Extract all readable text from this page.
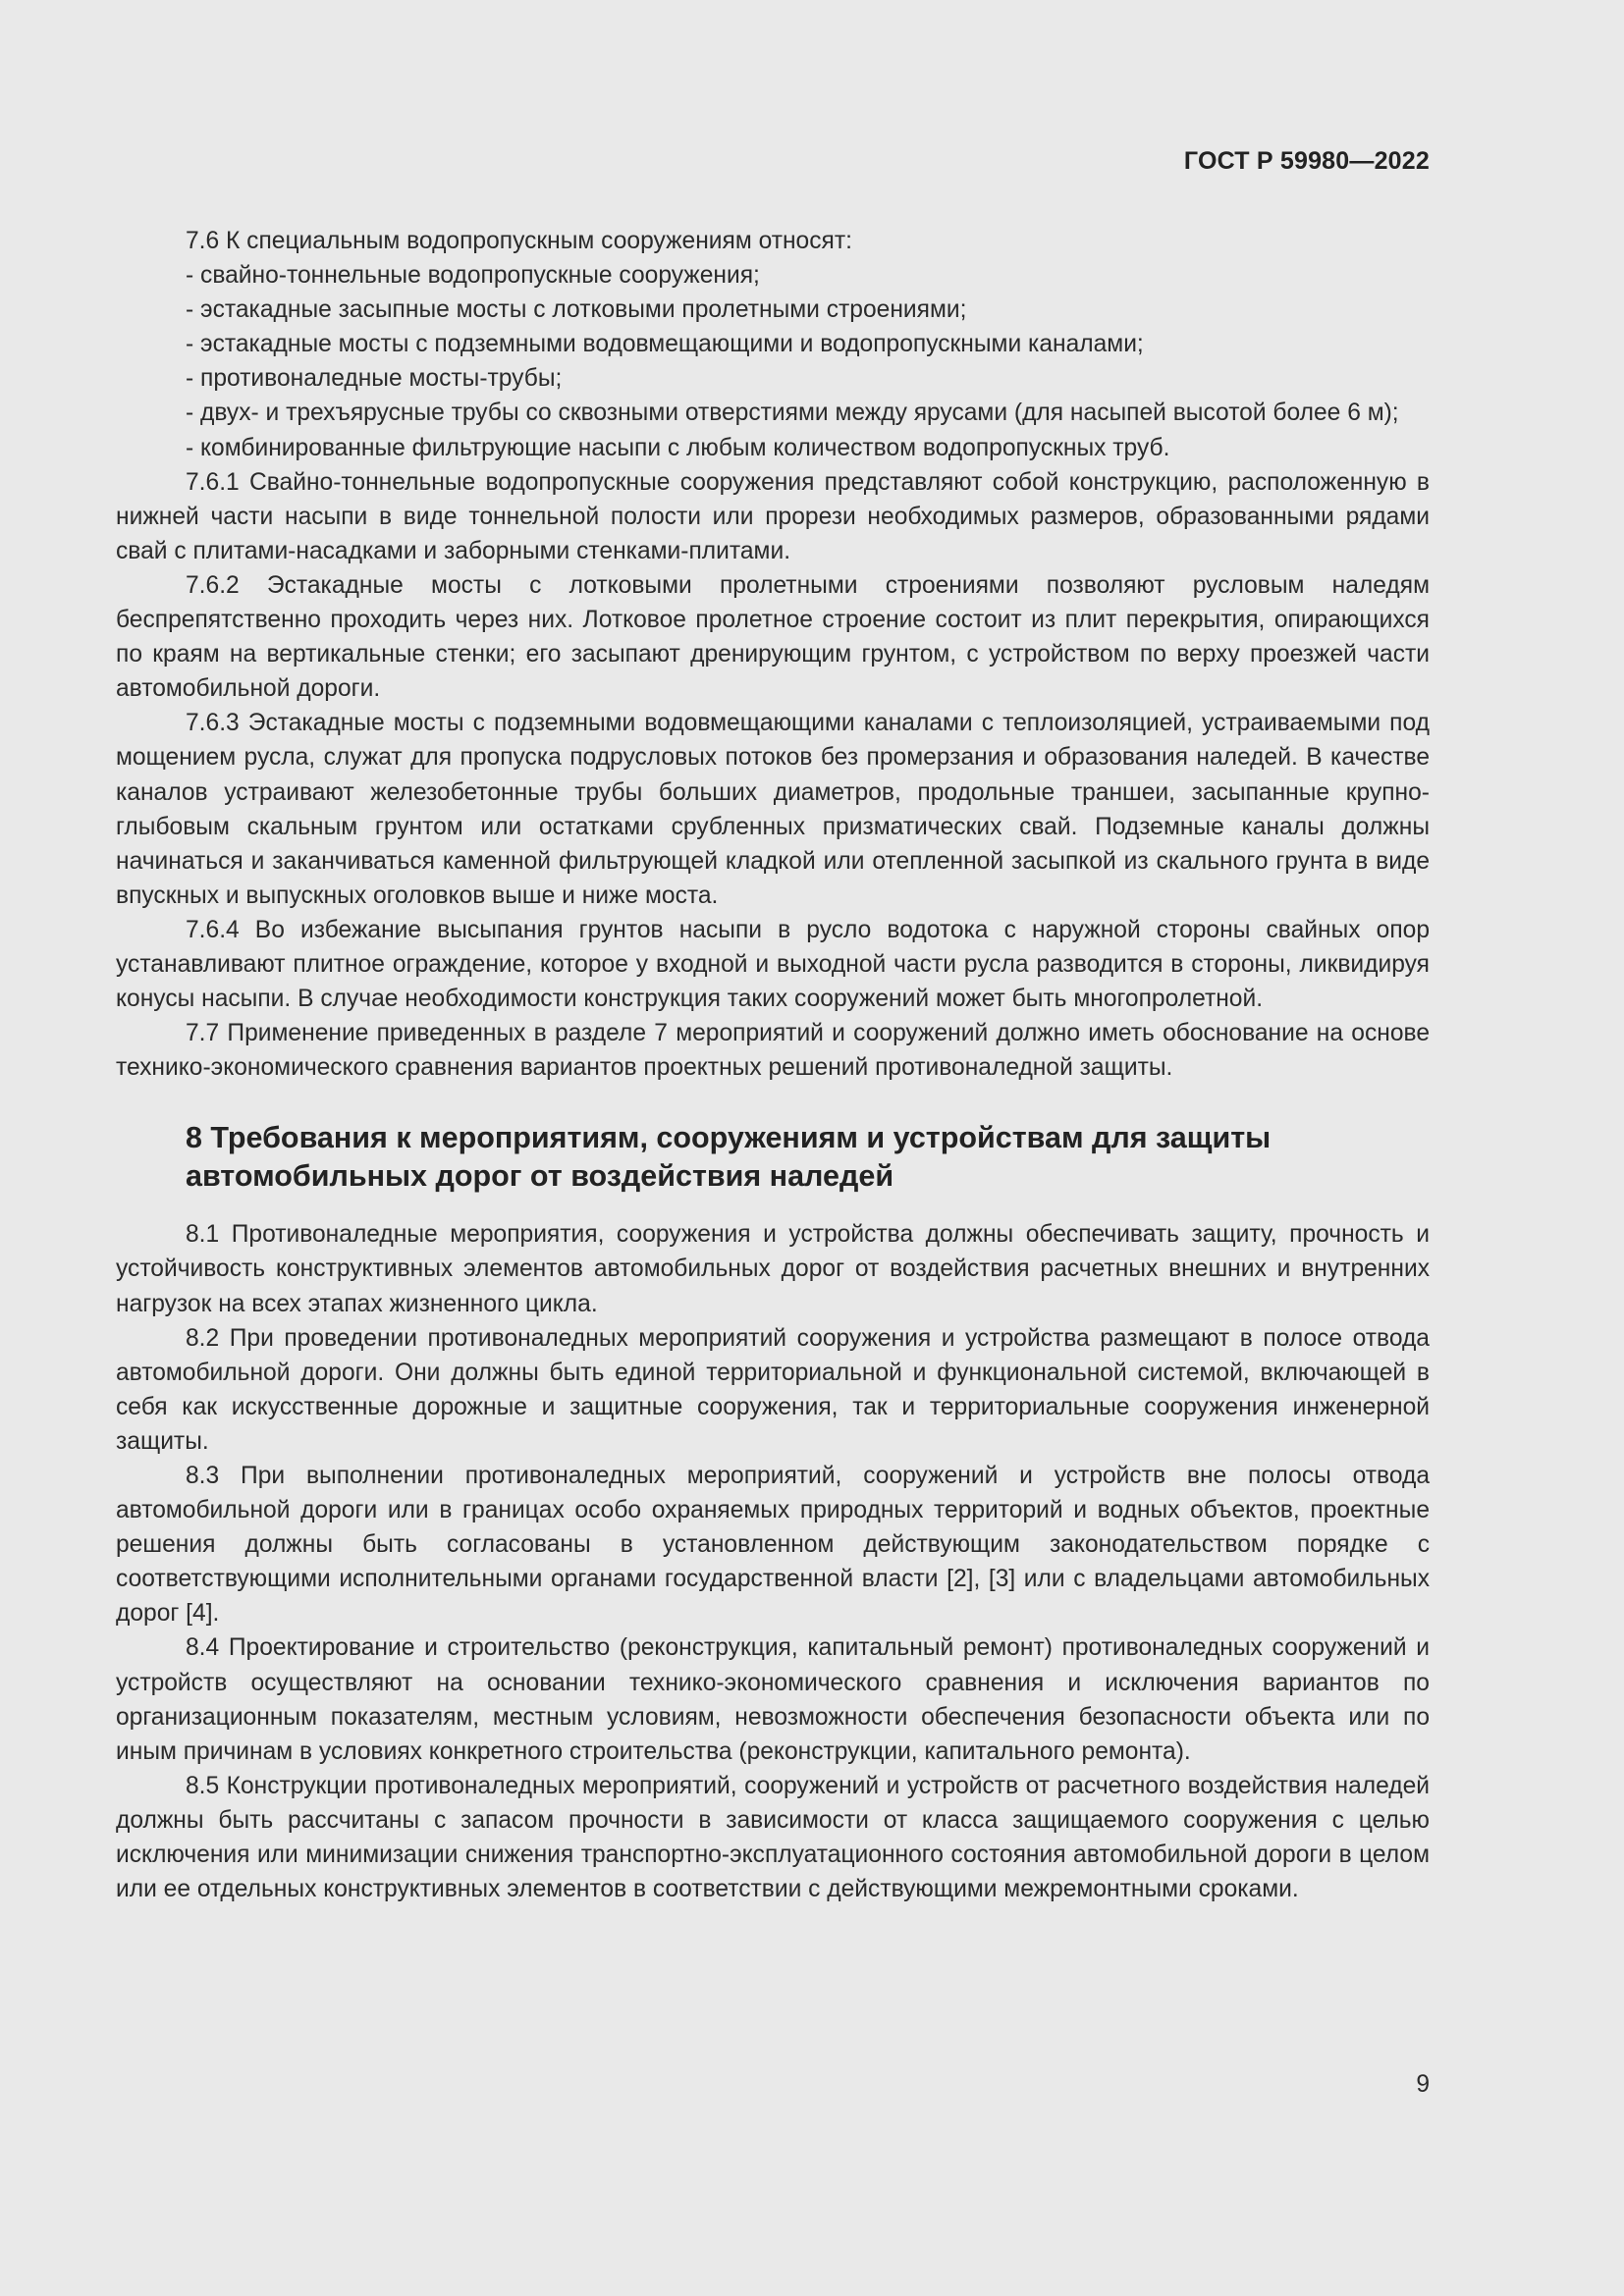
ГОСТ Р 59980—2022

7.6 К специальным водопропускным сооружениям относят:

- свайно-тоннельные водопропускные сооружения;

- эстакадные засыпные мосты с лотковыми пролетными строениями;

- эстакадные мосты с подземными водовмещающими и водопропускными каналами;

- противоналедные мосты-трубы;

- двух- и трехъярусные трубы со сквозными отверстиями между ярусами (для насыпей высотой более 6 м);

- комбинированные фильтрующие насыпи с любым количеством водопропускных труб.

7.6.1 Свайно-тоннельные водопропускные сооружения представляют собой конструкцию, расположенную в нижней части насыпи в виде тоннельной полости или прорези необходимых размеров, образованными рядами свай с плитами-насадками и заборными стенками-плитами.

7.6.2 Эстакадные мосты с лотковыми пролетными строениями позволяют русловым наледям беспрепятственно проходить через них. Лотковое пролетное строение состоит из плит перекрытия, опирающихся по краям на вертикальные стенки; его засыпают дренирующим грунтом, с устройством по верху проезжей части автомобильной дороги.

7.6.3 Эстакадные мосты с подземными водовмещающими каналами с теплоизоляцией, устраиваемыми под мощением русла, служат для пропуска подрусловых потоков без промерзания и образования наледей. В качестве каналов устраивают железобетонные трубы больших диаметров, продольные траншеи, засыпанные крупно-глыбовым скальным грунтом или остатками срубленных призматических свай. Подземные каналы должны начинаться и заканчиваться каменной фильтрующей кладкой или отепленной засыпкой из скального грунта в виде впускных и выпускных оголовков выше и ниже моста.

7.6.4 Во избежание высыпания грунтов насыпи в русло водотока с наружной стороны свайных опор устанавливают плитное ограждение, которое у входной и выходной части русла разводится в стороны, ликвидируя конусы насыпи. В случае необходимости конструкция таких сооружений может быть многопролетной.

7.7 Применение приведенных в разделе 7 мероприятий и сооружений должно иметь обоснование на основе технико-экономического сравнения вариантов проектных решений противоналедной защиты.

8 Требования к мероприятиям, сооружениям и устройствам для защиты
автомобильных дорог от воздействия наледей

8.1 Противоналедные мероприятия, сооружения и устройства должны обеспечивать защиту, прочность и устойчивость конструктивных элементов автомобильных дорог от воздействия расчетных внешних и внутренних нагрузок на всех этапах жизненного цикла.

8.2 При проведении противоналедных мероприятий сооружения и устройства размещают в полосе отвода автомобильной дороги. Они должны быть единой территориальной и функциональной системой, включающей в себя как искусственные дорожные и защитные сооружения, так и территориальные сооружения инженерной защиты.

8.3 При выполнении противоналедных мероприятий, сооружений и устройств вне полосы отвода автомобильной дороги или в границах особо охраняемых природных территорий и водных объектов, проектные решения должны быть согласованы в установленном действующим законодательством порядке с соответствующими исполнительными органами государственной власти [2], [3] или с владельцами автомобильных дорог [4].

8.4 Проектирование и строительство (реконструкция, капитальный ремонт) противоналедных сооружений и устройств осуществляют на основании технико-экономического сравнения и исключения вариантов по организационным показателям, местным условиям, невозможности обеспечения безопасности объекта или по иным причинам в условиях конкретного строительства (реконструкции, капитального ремонта).

8.5 Конструкции противоналедных мероприятий, сооружений и устройств от расчетного воздействия наледей должны быть рассчитаны с запасом прочности в зависимости от класса защищаемого сооружения с целью исключения или минимизации снижения транспортно-эксплуатационного состояния автомобильной дороги в целом или ее отдельных конструктивных элементов в соответствии с действующими межремонтными сроками.

9
